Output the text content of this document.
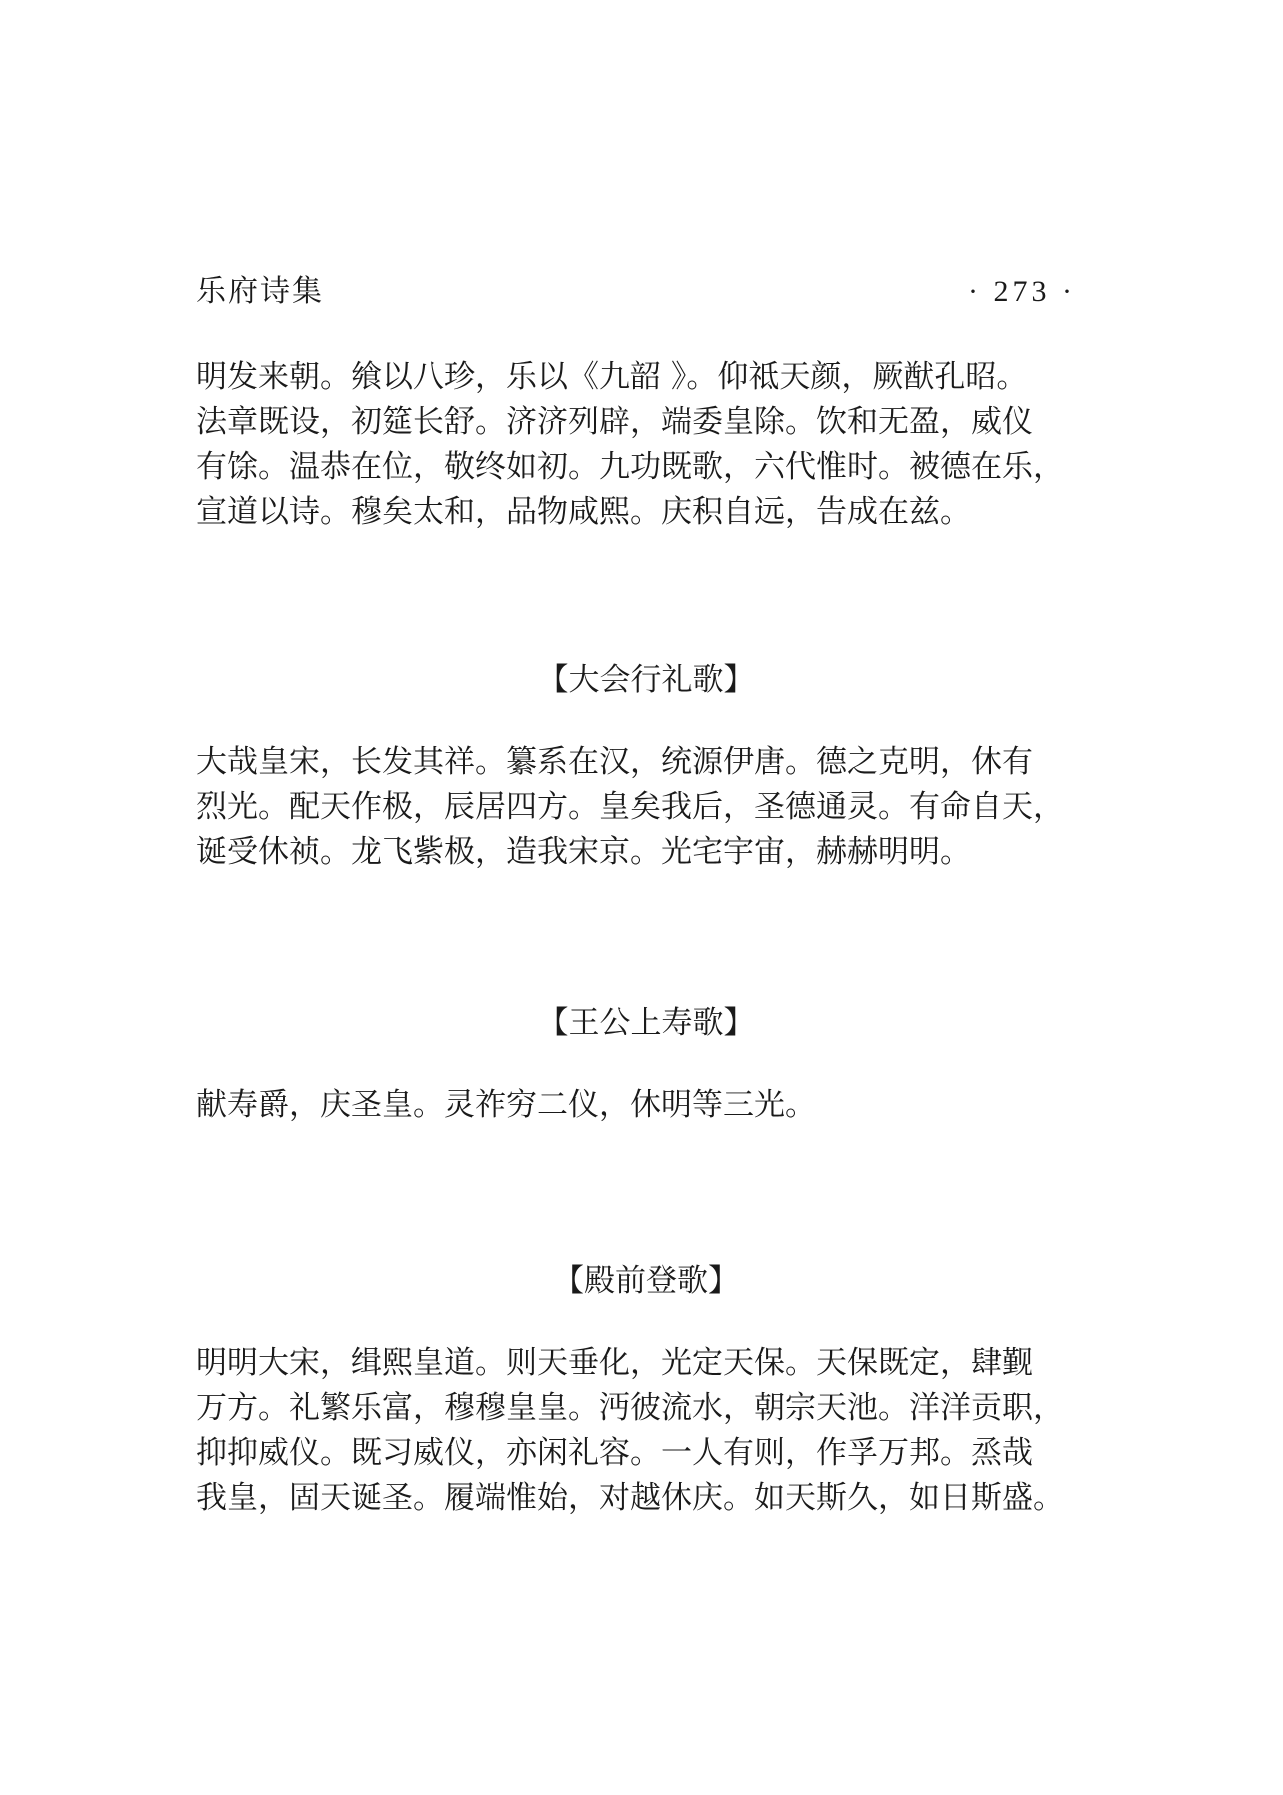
乐府诗集	· 273 ·
明发来朝。飨以八珍，乐以《九韶 》。仰祗天颜，厥猷孔昭。
法章既设，初筵长舒。济济列辟，端委皇除。饮和无盈，威仪
有馀。温恭在位，敬终如初。九功既歌，六代惟时。被德在乐，
宣道以诗。穆矣太和，品物咸熙。庆积自远，告成在兹。
【大会行礼歌】
大哉皇宋，长发其祥。纂系在汉，统源伊唐。德之克明，休有
烈光。配天作极，辰居四方。皇矣我后，圣德通灵。有命自天，
诞受休祯。龙飞紫极，造我宋京。光宅宇宙，赫赫明明。
【王公上寿歌】
献寿爵，庆圣皇。灵祚穷二仪，休明等三光。
【殿前登歌】
明明大宋，缉熙皇道。则天垂化，光定天保。天保既定，肆觐
万方。礼繁乐富，穆穆皇皇。沔彼流水，朝宗天池。洋洋贡职，
抑抑威仪。既习威仪，亦闲礼容。一人有则，作孚万邦。烝哉
我皇，固天诞圣。履端惟始，对越休庆。如天斯久，如日斯盛。
